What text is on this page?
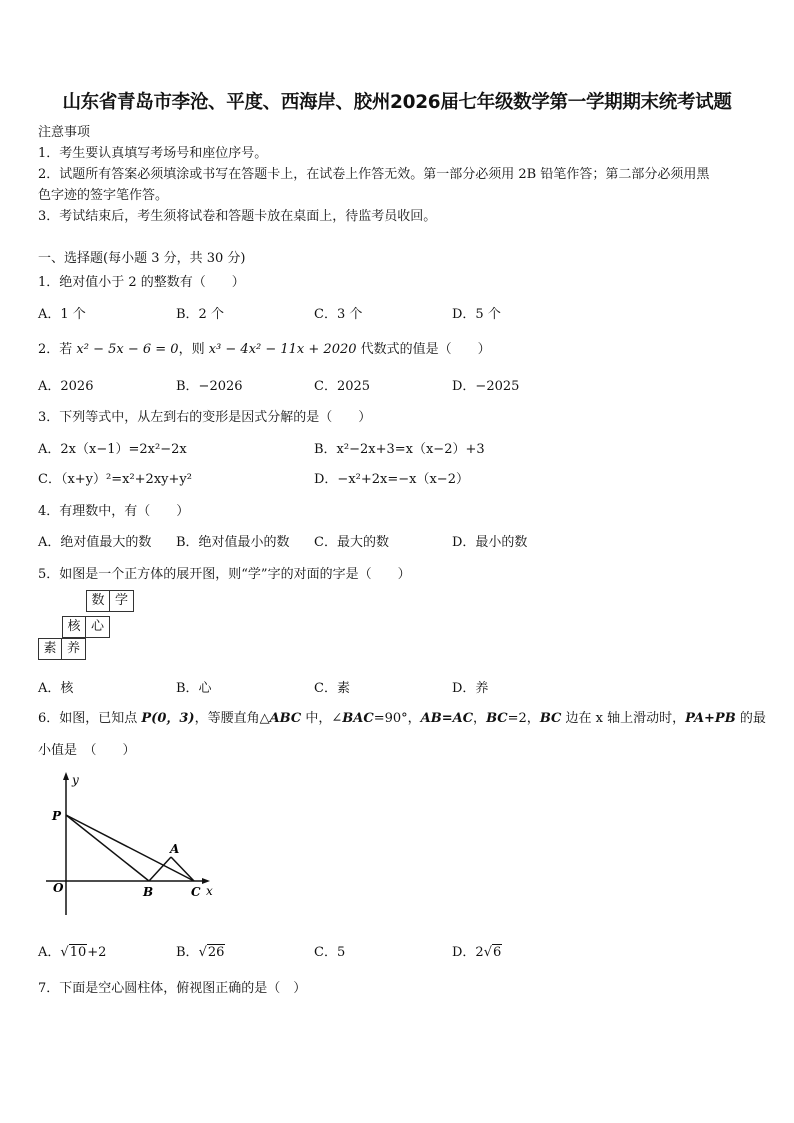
山东省青岛市李沧、平度、西海岸、胶州2026届七年级数学第一学期期末统考试题
注意事项
1．考生要认真填写考场号和座位序号。
2．试题所有答案必须填涂或书写在答题卡上，在试卷上作答无效。第一部分必须用 2B 铅笔作答；第二部分必须用黑
色字迹的签字笔作答。
3．考试结束后，考生须将试卷和答题卡放在桌面上，待监考员收回。
一、选择题(每小题 3 分，共 30 分)
1．绝对值小于 2 的整数有（　　）
A．1 个	B．2 个	C．3 个	D．5 个
2．若 x² − 5x − 6 = 0，则 x³ − 4x² − 11x + 2020 代数式的值是（　　）
A．2026	B．−2026	C．2025	D．−2025
3．下列等式中，从左到右的变形是因式分解的是（　　）
A．2x（x−1）=2x²−2x	B．x²−2x+3=x（x−2）+3
C．（x+y）²=x²+2xy+y²	D．−x²+2x=−x（x−2）
4．有理数中，有（　　）
A．绝对值最大的数 B．绝对值最小的数 C．最大的数	D．最小的数
5．如图是一个正方体的展开图，则“学”字的对面的字是（　　）
数 学
核 心
素 养
A．核	B．心	C．素	D．养
6．如图，已知点 P(0，3)，等腰直角△ABC 中，∠BAC=90°，AB=AC，BC=2，BC 边在 x 轴上滑动时，PA+PB 的最
小值是　（　　）
y
P
A
O	B	C x
A．√10+2	B．√26	C．5	D．2√6
7．下面是空心圆柱体，俯视图正确的是（　）
